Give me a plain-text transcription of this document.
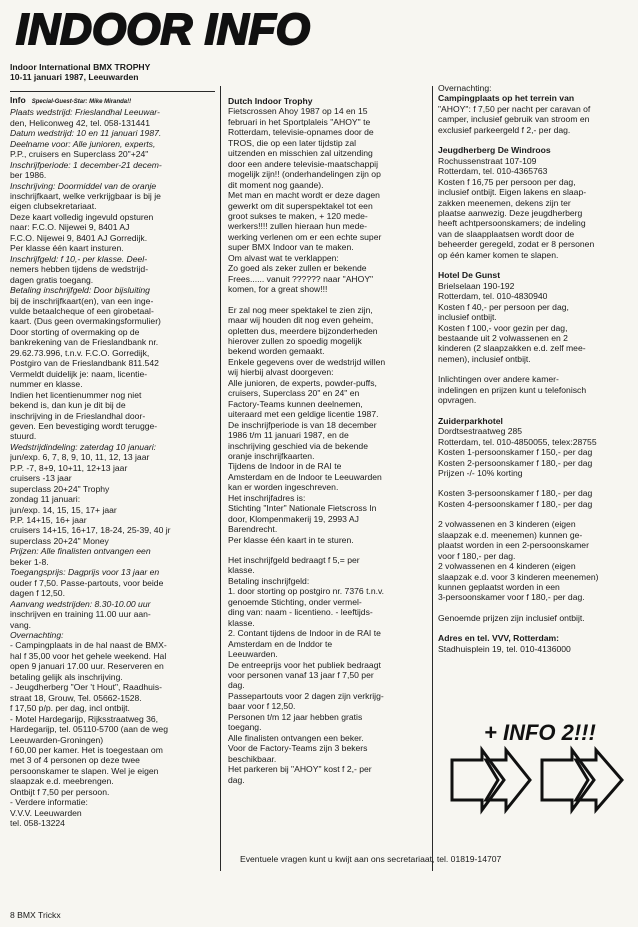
INDOOR INFO

Indoor International BMX TROPHY

10-11 januari 1987, Leeuwarden

Info Special-Guest-Star: Mike Miranda!!

Plaats wedstrijd: Frieslandhal Leeuwar-

den, Heliconweg 42, tel. 058-131441

Datum wedstrijd: 10 en 11 januari 1987.

Deelname voor: Alle junioren, experts,

P.P., cruisers en Superclass 20"+24"

Inschrijfperiode: 1 december-21 decem-

ber 1986.

Inschrijving: Doormiddel van de oranje

inschrijfkaart, welke verkrijgbaar is bij je

eigen clubsekretariaat.

Deze kaart volledig ingevuld opsturen

naar: F.C.O. Nijewei 9, 8401 AJ

F.C.O. Nijewei 9, 8401 AJ Gorredijk.

Per klasse één kaart insturen.

Inschrijfgeld: f 10,- per klasse. Deel-

nemers hebben tijdens de wedstrijd-

dagen gratis toegang.

Betaling inschrijfgeld: Door bijsluiting

bij de inschrijfkaart(en), van een inge-

vulde betaalcheque of een girobetaal-

kaart. (Dus geen overmakingsformulier)

Door storting of overmaking op de

bankrekening van de Frieslandbank nr.

29.62.73.996, t.n.v. F.C.O. Gorredijk,

Postgiro van de Frieslandbank 811.542

Vermeldt duidelijk je: naam, licentie-

nummer en klasse.

Indien het licentienummer nog niet

bekend is, dan kun je dit bij de

inschrijving in de Frieslandhal door-

geven. Een bevestiging wordt terugge-

stuurd.

Wedstrijdindeling: zaterdag 10 januari:

jun/exp. 6, 7, 8, 9, 10, 11, 12, 13 jaar

P.P. -7, 8+9, 10+11, 12+13 jaar

cruisers -13 jaar

superclass 20+24" Trophy

zondag 11 januari:

jun/exp. 14, 15, 15, 17+ jaar

P.P. 14+15, 16+ jaar

cruisers 14+15, 16+17, 18-24, 25-39, 40 jr

superclass 20+24" Money

Prijzen: Alle finalisten ontvangen een

beker 1-8.

Toegangsprijs: Dagprijs voor 13 jaar en

ouder f 7,50. Passe-partouts, voor beide

dagen f 12,50.

Aanvang wedstrijden: 8.30-10.00 uur

inschrijven en training 11.00 uur aan-

vang.

Overnachting:

- Campingplaats in de hal naast de BMX-

hal f 35,00 voor het gehele weekend. Hal

open 9 januari 17.00 uur. Reserveren en

betaling gelijk als inschrijving.

- Jeugdherberg "Oer 't Hout", Raadhuis-

straat 18, Grouw, Tel. 05662-1528.

f 17,50 p/p. per dag, incl ontbijt.

- Motel Hardegarijp, Rijksstraatweg 36,

Hardegarijp, tel. 05110-5700 (aan de weg

Leeuwarden-Groningen)

f 60,00 per kamer. Het is toegestaan om

met 3 of 4 personen op deze twee

persoonskamer te slapen. Wel je eigen

slaapzak e.d. meebrengen.

Ontbijt f 7,50 per persoon.

- Verdere informatie:

V.V.V. Leeuwarden

tel. 058-13224

Dutch Indoor Trophy

Fietscrossen Ahoy 1987 op 14 en 15

februari in het Sportplaleis "AHOY" te

Rotterdam, televisie-opnames door de

TROS, die op een later tijdstip zal

uitzenden en misschien zal uitzending

door een andere televisie-maatschappij

mogelijk zijn!! (onderhandelingen zijn op

dit moment nog gaande).

Met man en macht wordt er deze dagen

gewerkt om dit superspektakel tot een

groot sukses te maken, + 120 mede-

werkers!!!! zullen hieraan hun mede-

werking verlenen om er een echte super

super BMX Indoor van te maken.

Om alvast wat te verklappen:

Zo goed als zeker zullen er bekende

Frees...... vanuit ?????? naar "AHOY"

komen, for a great show!!!

Er zal nog meer spektakel te zien zijn,

maar wij houden dit nog even geheim,

opletten dus, meerdere bijzonderheden

hierover zullen zo spoedig mogelijk

bekend worden gemaakt.

Enkele gegevens over de wedstrijd willen

wij hierbij alvast doorgeven:

Alle junioren, de experts, powder-puffs,

cruisers, Superclass 20" en 24" en

Factory-Teams kunnen deelnemen,

uiteraard met een geldige licentie 1987.

De inschrijfperiode is van 18 december

1986 t/m 11 januari 1987, en de

inschrijving geschied via de bekende

oranje inschrijfkaarten.

Tijdens de Indoor in de RAI te

Amsterdam en de Indoor te Leeuwarden

kan er worden ingeschreven.

Het inschrijfadres is:

Stichting "Inter" Nationale Fietscross In

door, Klompenmakerij 19, 2993 AJ

Barendrecht.

Per klasse één kaart in te sturen.

Het inschrijfgeld bedraagt f 5,= per

klasse.

Betaling inschrijfgeld:

1. door storting op postgiro nr. 7376 t.n.v.

genoemde Stichting, onder vermel-

ding van: naam - licentieno. - leeftijds-

klasse.

2. Contant tijdens de Indoor in de RAI te

Amsterdam en de Inddor te

Leeuwarden.

De entreeprijs voor het publiek bedraagt

voor personen vanaf 13 jaar f 7,50 per

dag.

Passepartouts voor 2 dagen zijn verkrijg-

baar voor f 12,50.

Personen t/m 12 jaar hebben gratis

toegang.

Alle finalisten ontvangen een beker.

Voor de Factory-Teams zijn 3 bekers

beschikbaar.

Het parkeren bij "AHOY" kost f 2,- per

dag.

Overnachting:

Campingplaats op het terrein van

"AHOY": f 7,50 per nacht per caravan of

camper, inclusief gebruik van stroom en

exclusief parkeergeld f 2,- per dag.

Jeugdherberg De Windroos

Rochussenstraat 107-109

Rotterdam, tel. 010-4365763

Kosten f 16,75 per persoon per dag,

inclusief ontbijt. Eigen lakens en slaap-

zakken meenemen, dekens zijn ter

plaatse aanwezig. Deze jeugdherberg

heeft achtpersoonskamers; de indeling

van de slaapplaatsen wordt door de

beheerder geregeld, zodat er 8 personen

op één kamer komen te slapen.

Hotel De Gunst

Brielselaan 190-192

Rotterdam, tel. 010-4830940

Kosten f 40,- per persoon per dag,

inclusief ontbijt.

Kosten f 100,- voor gezin per dag,

bestaande uit 2 volwassenen en 2

kinderen (2 slaapzakken e.d. zelf mee-

nemen), inclusief ontbijt.

Inlichtingen over andere kamer-

indelingen en prijzen kunt u telefonisch

opvragen.

Zuiderparkhotel

Dordtsestraatweg 285

Rotterdam, tel. 010-4850055, telex:28755

Kosten 1-persoonskamer f 150,- per dag

Kosten 2-persoonskamer f 180,- per dag

Prijzen -/- 10% korting

Kosten 3-persoonskamer f 180,- per dag

Kosten 4-persoonskamer f 180,- per dag

2 volwassenen en 3 kinderen (eigen

slaapzak e.d. meenemen) kunnen ge-

plaatst worden in een 2-persoonskamer

voor f 180,- per dag.

2 volwassenen en 4 kinderen (eigen

slaapzak e.d. voor 3 kinderen meenemen)

kunnen geplaatst worden in een

3-persoonskamer voor f 180,- per dag.

Genoemde prijzen zijn inclusief ontbijt.

Adres en tel. VVV, Rotterdam:

Stadhuisplein 19, tel. 010-4136000

+ INFO 2!!!

Eventuele vragen kunt u kwijt aan ons secretariaat, tel. 01819-14707

8 BMX Trickx
